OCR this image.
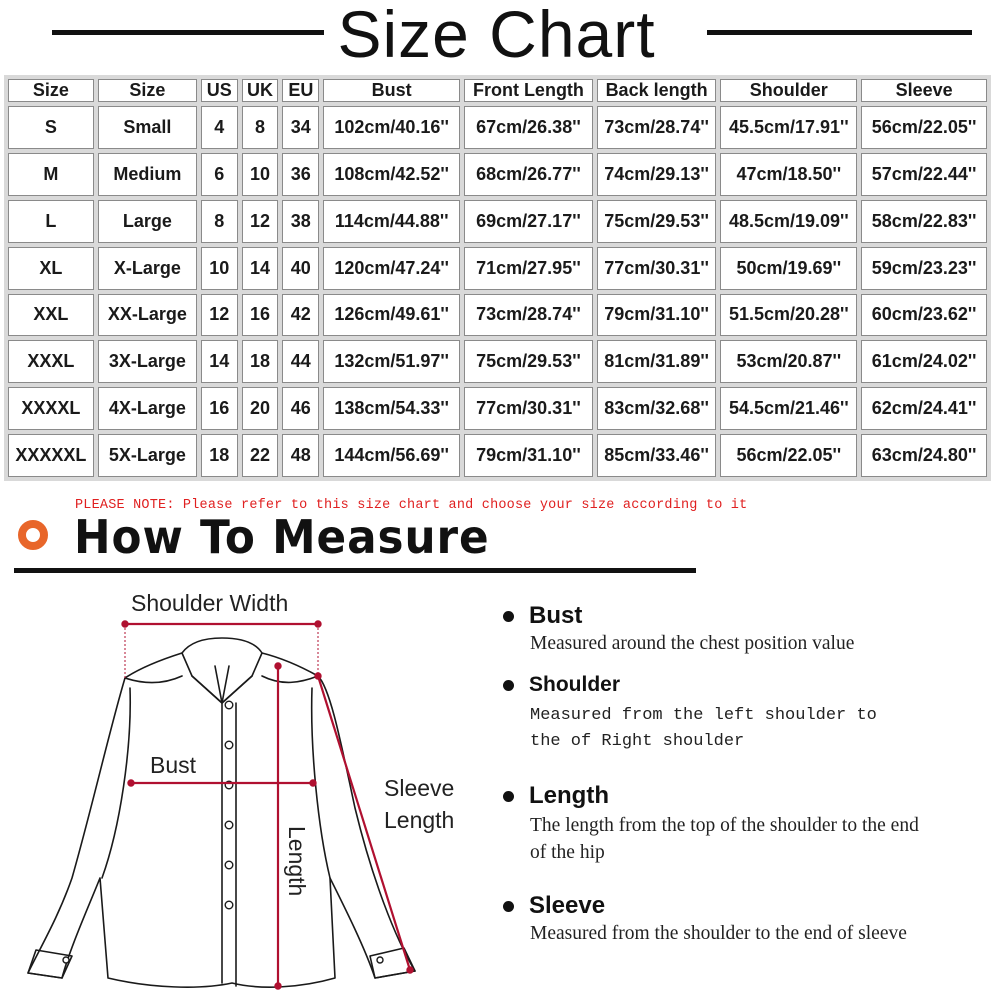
Size Chart
Size	Size	US	UK	EU	Bust	Front Length	Back length	Shoulder	Sleeve
S	Small	4	8	34	102cm/40.16''	67cm/26.38''	73cm/28.74''	45.5cm/17.91''	56cm/22.05''
M	Medium	6	10	36	108cm/42.52''	68cm/26.77''	74cm/29.13''	47cm/18.50''	57cm/22.44''
L	Large	8	12	38	114cm/44.88''	69cm/27.17''	75cm/29.53''	48.5cm/19.09''	58cm/22.83''
XL	X-Large	10	14	40	120cm/47.24''	71cm/27.95''	77cm/30.31''	50cm/19.69''	59cm/23.23''
XXL	XX-Large	12	16	42	126cm/49.61''	73cm/28.74''	79cm/31.10''	51.5cm/20.28''	60cm/23.62''
XXXL	3X-Large	14	18	44	132cm/51.97''	75cm/29.53''	81cm/31.89''	53cm/20.87''	61cm/24.02''
XXXXL	4X-Large	16	20	46	138cm/54.33''	77cm/30.31''	83cm/32.68''	54.5cm/21.46''	62cm/24.41''
XXXXXL	5X-Large	18	22	48	144cm/56.69''	79cm/31.10''	85cm/33.46''	56cm/22.05''	63cm/24.80''
PLEASE NOTE: Please refer to this size chart and choose your size according to it
How To Measure
Shoulder Width
Bust
Sleeve
Length
Length
Bust
Measured around the chest position value
Shoulder
Measured from the left shoulder to the of Right shoulder
Length
The length from the top of the shoulder to the end of the hip
Sleeve
Measured from the shoulder to the end of sleeve
